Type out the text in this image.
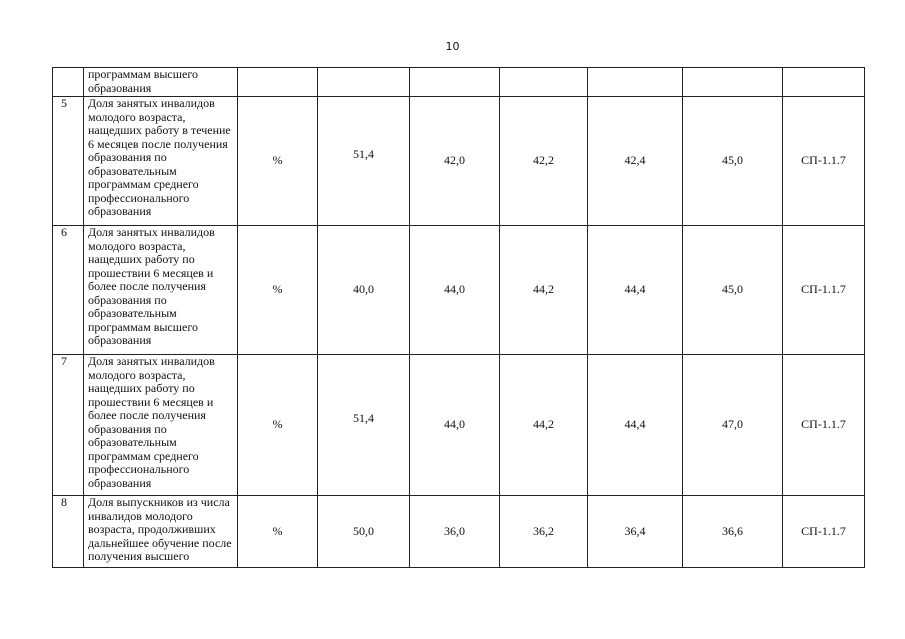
10
	программам высшего образования							
5	Доля занятых инвалидов молодого возраста, нащедших работу в течение 6 месяцев после получения образования по образовательным программам среднего профессионального образования	%	51,4	42,0	42,2	42,4	45,0	СП-1.1.7
6	Доля занятых инвалидов молодого возраста, нащедших работу по прошествии 6 месяцев и более после получения образования по образовательным программам высшего образования	%	40,0	44,0	44,2	44,4	45,0	СП-1.1.7
7	Доля занятых инвалидов молодого возраста, нащедших работу по прошествии 6 месяцев и более после получения образования по образовательным программам среднего профессионального образования	%	51,4	44,0	44,2	44,4	47,0	СП-1.1.7
8	Доля выпускников из числа инвалидов молодого возраста, продолживших дальнейшее обучение после получения высшего	%	50,0	36,0	36,2	36,4	36,6	СП-1.1.7
